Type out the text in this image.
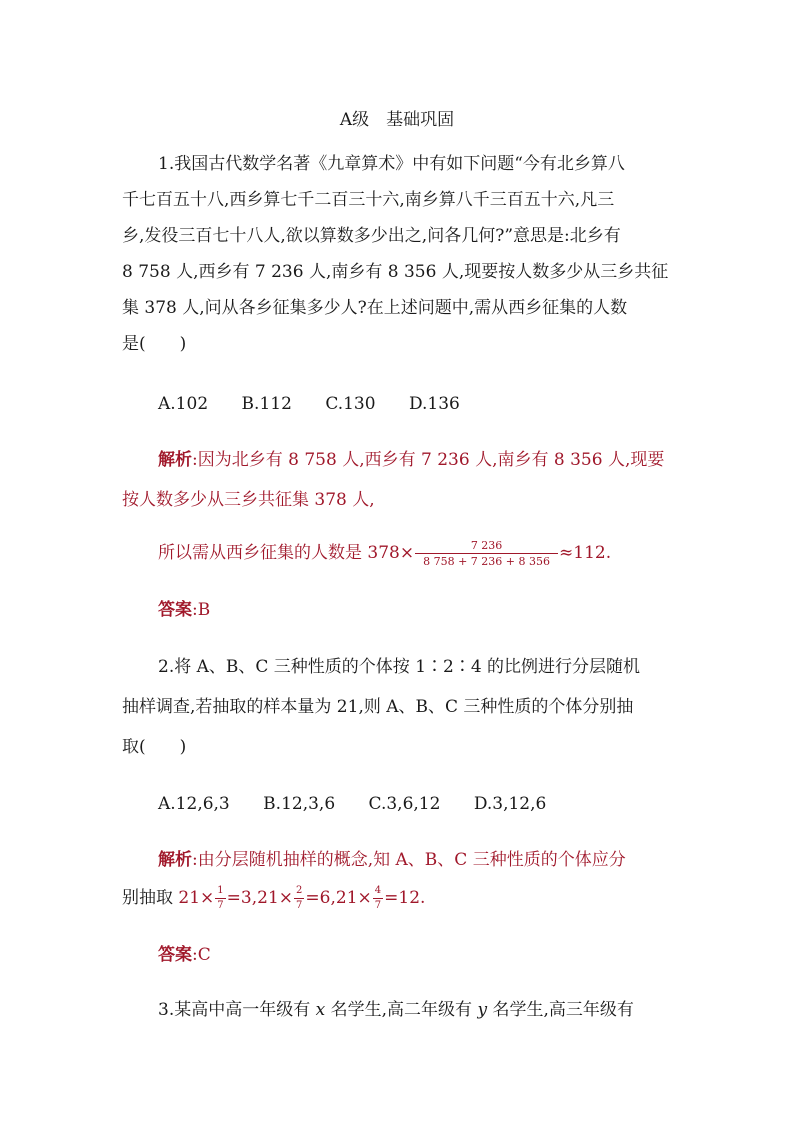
A级　基础巩固
1.我国古代数学名著《九章算术》中有如下问题“今有北乡算八
千七百五十八,西乡算七千二百三十六,南乡算八千三百五十六,凡三
乡,发役三百七十八人,欲以算数多少出之,问各几何?”意思是:北乡有
8 758 人,西乡有 7 236 人,南乡有 8 356 人,现要按人数多少从三乡共征
集 378 人,问从各乡征集多少人?在上述问题中,需从西乡征集的人数
是(　　)
A.102 B.112 C.130 D.136
解析:因为北乡有 8 758 人,西乡有 7 236 人,南乡有 8 356 人,现要
按人数多少从三乡共征集 378 人,
所以需从西乡征集的人数是 $378\times \frac{7 236}{8 758 + 7 236 + 8 356} \approx 112$.
答案:B
2.将 A、B、C 三种性质的个体按 1∶2∶4 的比例进行分层随机
抽样调查,若抽取的样本量为 21,则 A、B、C 三种性质的个体分别抽
取(　　)
A.12,6,3 B.12,3,6 C.3,6,12 D.3,12,6
解析:由分层随机抽样的概念,知 A、B、C 三种性质的个体应分
别抽取 $21\times \frac{1}{7} =3,21\times \frac{2}{7} =6,21\times \frac{4}{7} =12$.
答案:C
3.某高中高一年级有 x 名学生,高二年级有 y 名学生,高三年级有
